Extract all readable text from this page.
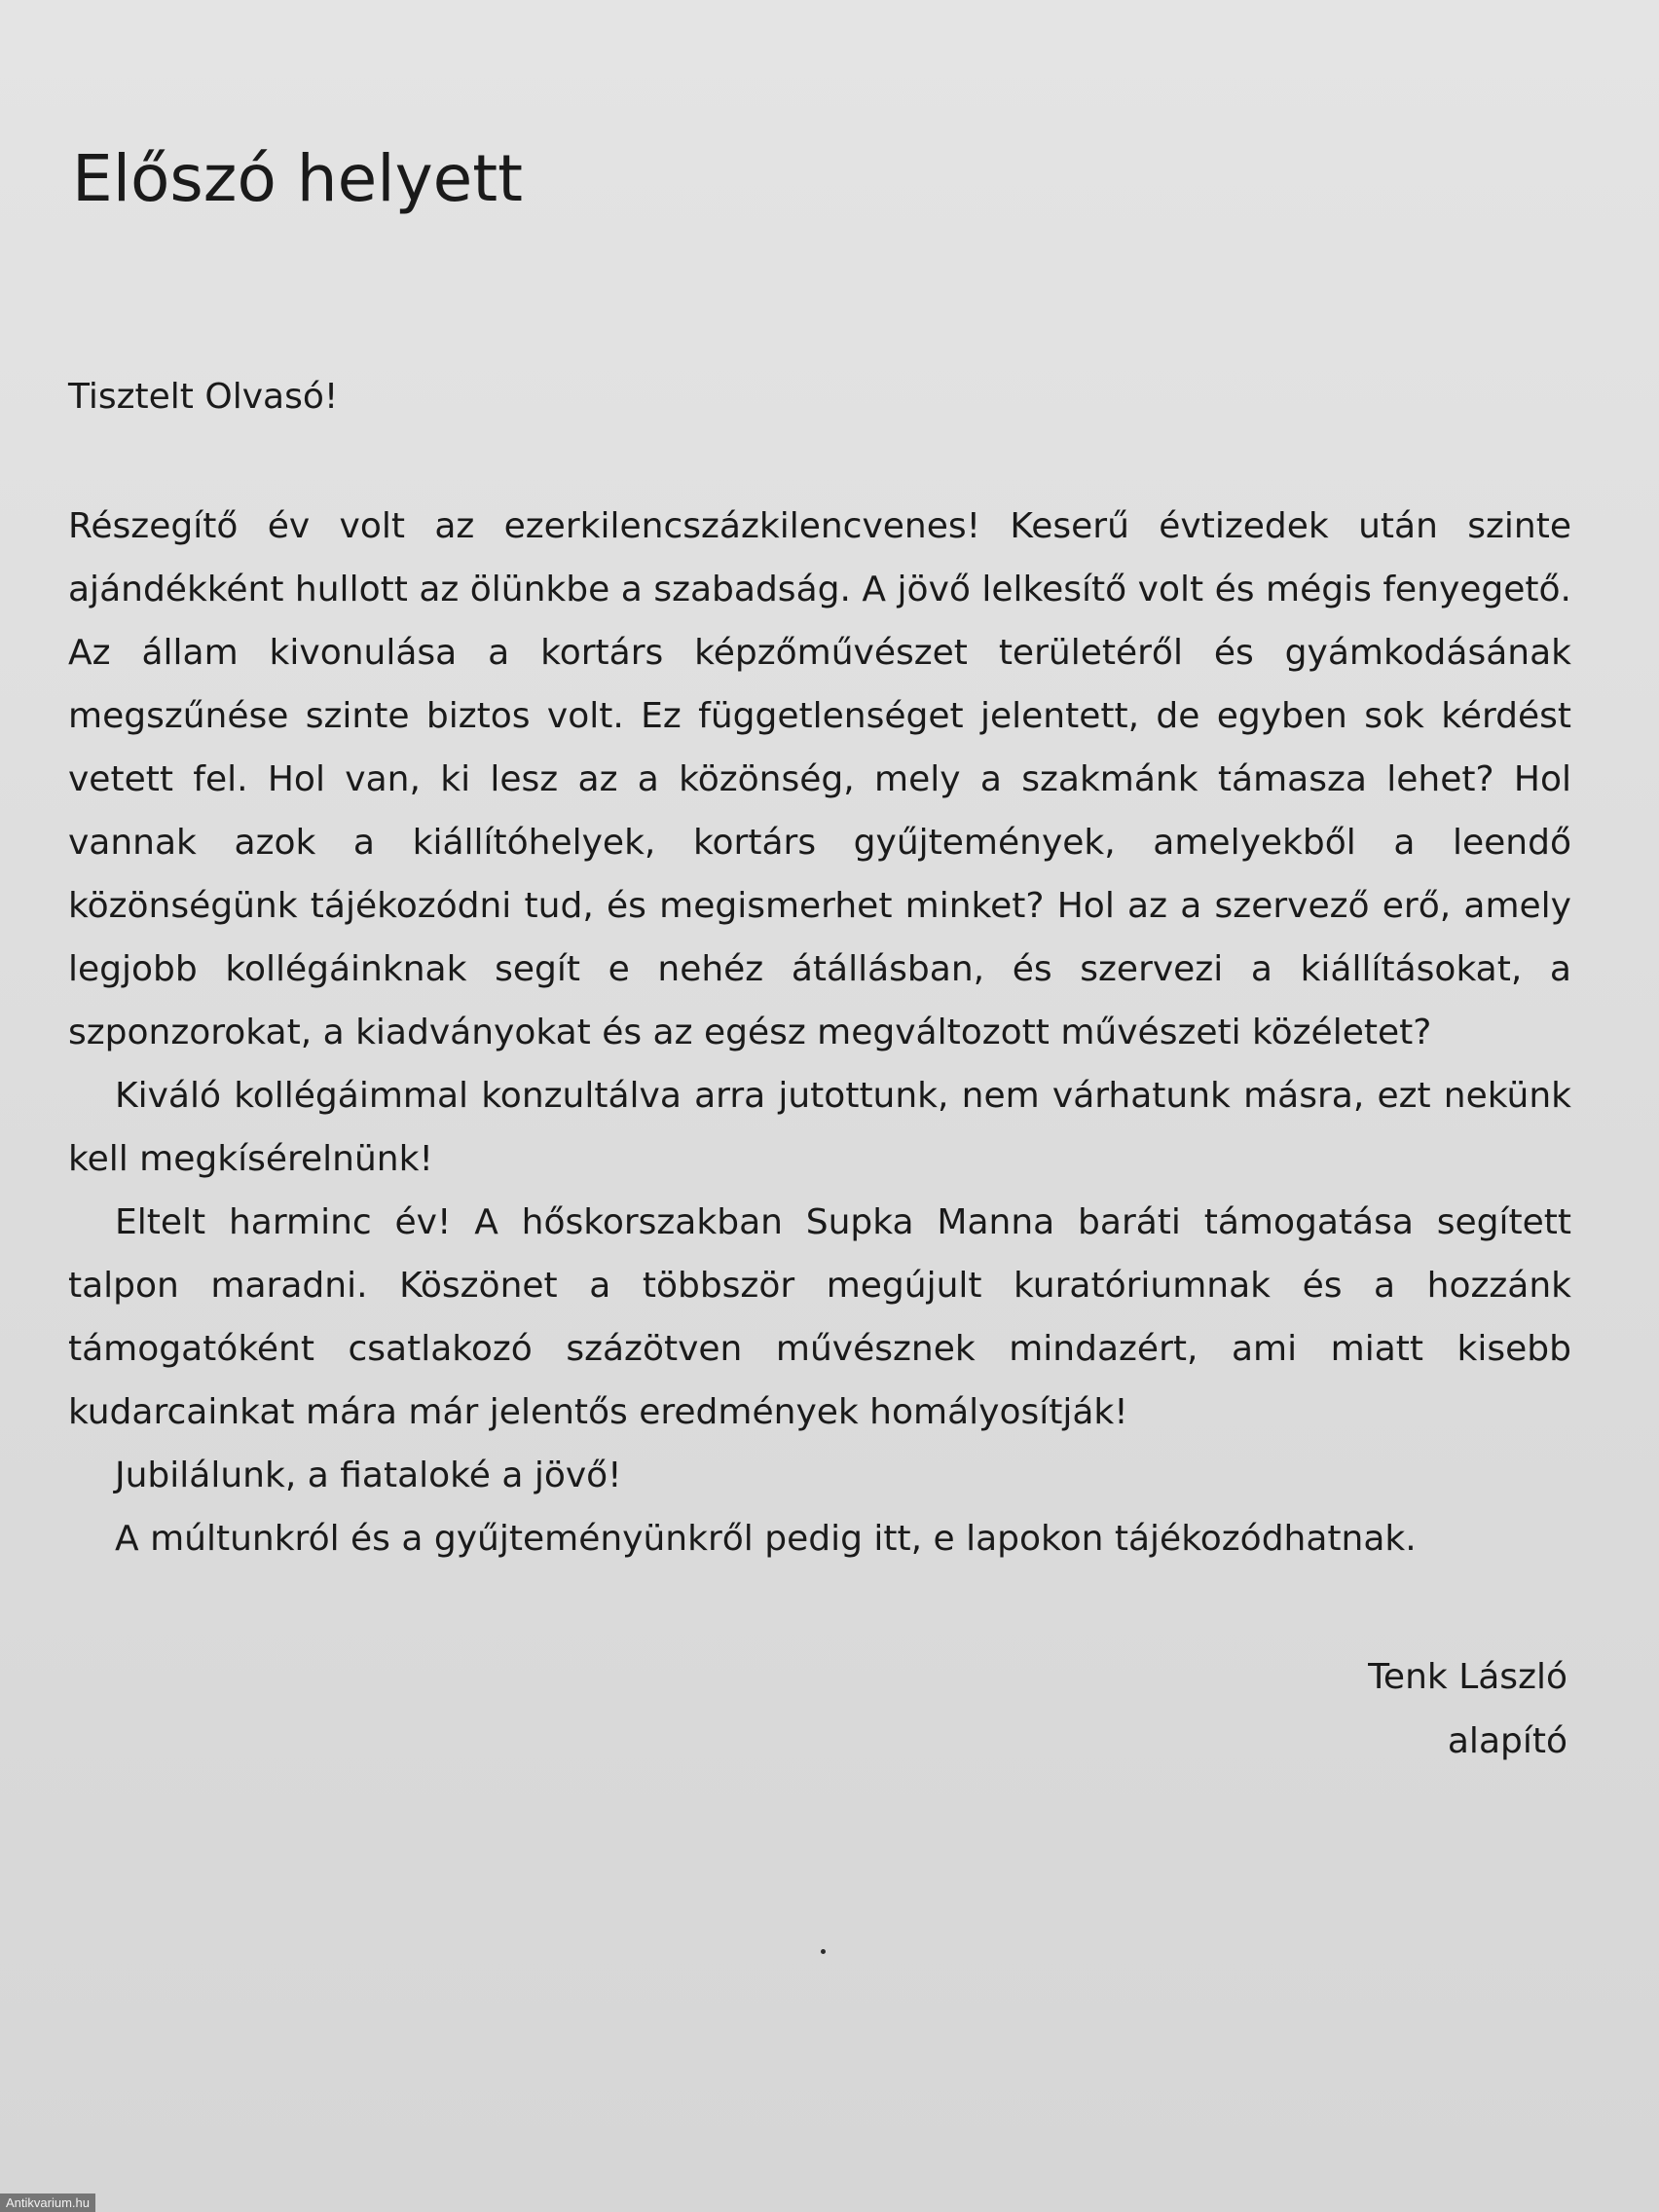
Előszó helyett

Tisztelt Olvasó!

Részegítő év volt az ezerkilencszázkilencvenes! Keserű évtizedek után szinte ajándékként hullott az ölünkbe a szabadság. A jövő lelkesítő volt és mégis fenyegető. Az állam kivonulása a kortárs képzőművészet területéről és gyámkodásának megszűnése szinte biztos volt. Ez függetlenséget jelentett, de egyben sok kérdést vetett fel. Hol van, ki lesz az a közönség, mely a szakmánk támasza lehet? Hol vannak azok a kiállítóhelyek, kortárs gyűjtemények, amelyekből a leendő közönségünk tájékozódni tud, és megismerhet minket? Hol az a szervező erő, amely legjobb kollégáinknak segít e nehéz átállásban, és szervezi a kiállításokat, a szponzorokat, a kiadványokat és az egész megváltozott művészeti közéletet?

Kiváló kollégáimmal konzultálva arra jutottunk, nem várhatunk másra, ezt nekünk kell megkísérelnünk!

Eltelt harminc év! A hőskorszakban Supka Manna baráti támogatása segített talpon maradni. Köszönet a többször megújult kuratóriumnak és a hozzánk támogatóként csatlakozó százötven művésznek mindazért, ami miatt kisebb kudarcainkat mára már jelentős eredmények homályosítják!

Jubilálunk, a fiataloké a jövő!

A múltunkról és a gyűjteményünkről pedig itt, e lapokon tájékozódhatnak.

Tenk László
alapító
Antikvarium.hu
